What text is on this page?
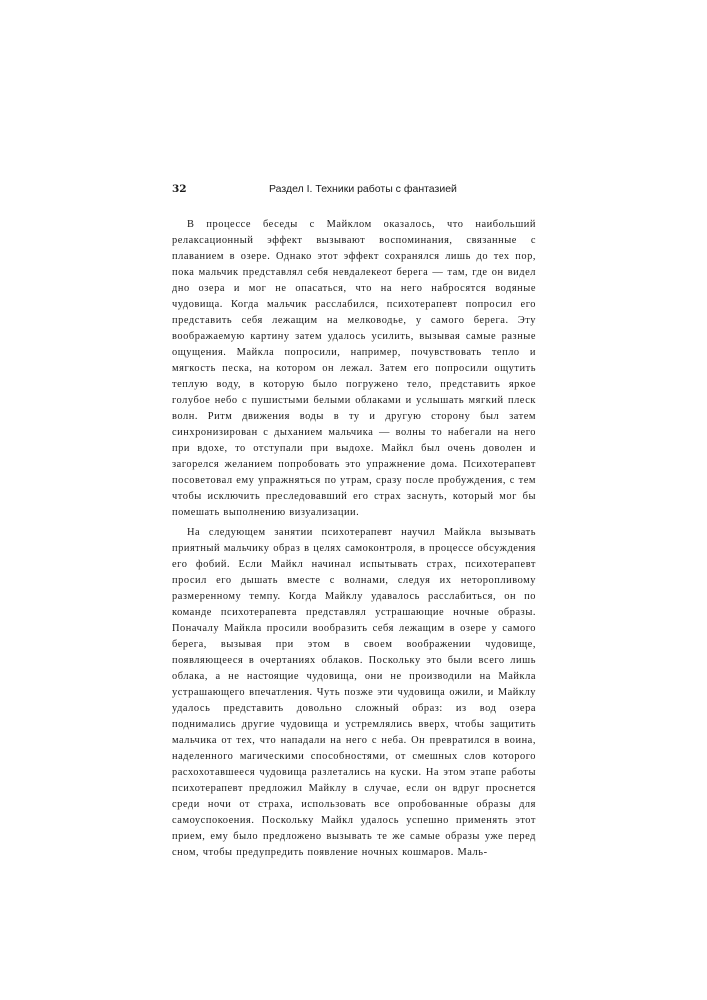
32	Раздел I. Техники работы с фантазией

В процессе беседы с Майклом оказалось, что наибольший релаксационный эффект вызывают воспоминания, связанные с плаванием в озере. Однако этот эффект сохранялся лишь до тех пор, пока мальчик представлял себя невдалекеот берега — там, где он видел дно озера и мог не опасаться, что на него набросятся водяные чудовища. Когда мальчик расслабился, психотерапевт попросил его представить себя лежащим на мелководье, у самого берега. Эту воображаемую картину затем удалось усилить, вызывая самые разные ощущения. Майкла попросили, например, почувствовать тепло и мягкость песка, на котором он лежал. Затем его попросили ощутить теплую воду, в которую было погружено тело, представить яркое голубое небо с пушистыми белыми облаками и услышать мягкий плеск волн. Ритм движения воды в ту и другую сторону был затем синхронизирован с дыханием мальчика — волны то набегали на него при вдохе, то отступали при выдохе. Майкл был очень доволен и загорелся желанием попробовать это упражнение дома. Психотерапевт посоветовал ему упражняться по утрам, сразу после пробуждения, с тем чтобы исключить преследовавший его страх заснуть, который мог бы помешать выполнению визуализации.

На следующем занятии психотерапевт научил Майкла вызывать приятный мальчику образ в целях самоконтроля, в процессе обсуждения его фобий. Если Майкл начинал испытывать страх, психотерапевт просил его дышать вместе с волнами, следуя их неторопливому размеренному темпу. Когда Майклу удавалось расслабиться, он по команде психотерапевта представлял устрашающие ночные образы. Поначалу Майкла просили вообразить себя лежащим в озере у самого берега, вызывая при этом в своем воображении чудовище, появляющееся в очертаниях облаков. Поскольку это были всего лишь облака, а не настоящие чудовища, они не производили на Майкла устрашающего впечатления. Чуть позже эти чудовища ожили, и Майклу удалось представить довольно сложный образ: из вод озера поднимались другие чудовища и устремлялись вверх, чтобы защитить мальчика от тех, что нападали на него с неба. Он превратился в воина, наделенного магическими способностями, от смешных слов которого расхохотавшееся чудовища разлетались на куски. На этом этапе работы психотерапевт предложил Майклу в случае, если он вдруг проснется среди ночи от страха, использовать все опробованные образы для самоуспокоения. Поскольку Майкл удалось успешно применять этот прием, ему было предложено вызывать те же самые образы уже перед сном, чтобы предупредить появление ночных кошмаров. Маль-
